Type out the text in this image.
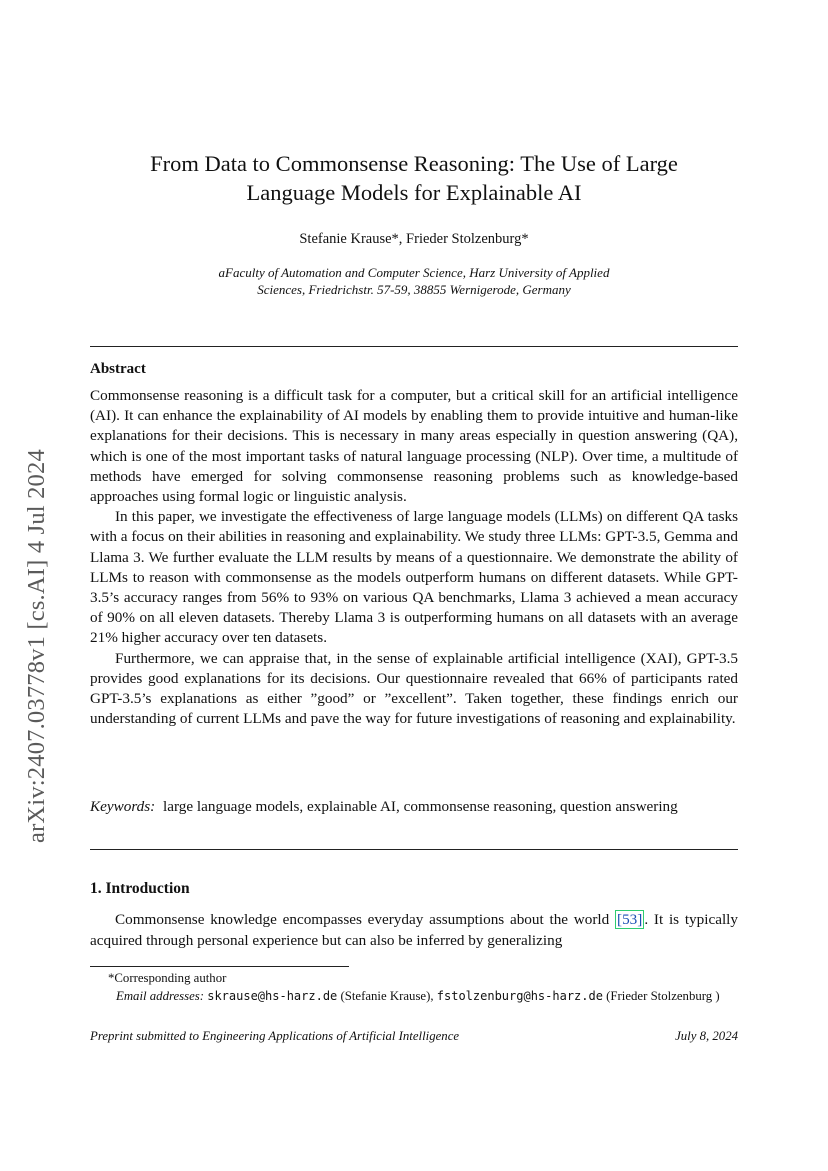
arXiv:2407.03778v1 [cs.AI] 4 Jul 2024
From Data to Commonsense Reasoning: The Use of Large
Language Models for Explainable AI
Stefanie Krause*, Frieder Stolzenburg*
aFaculty of Automation and Computer Science, Harz University of Applied
Sciences, Friedrichstr. 57-59, 38855 Wernigerode, Germany
Abstract

Commonsense reasoning is a difficult task for a computer, but a critical skill for an artificial intelligence (AI). It can enhance the explainability of AI models by enabling them to provide intuitive and human-like explanations for their decisions. This is necessary in many areas especially in question answering (QA), which is one of the most important tasks of natural language processing (NLP). Over time, a multitude of methods have emerged for solving commonsense reasoning problems such as knowledge-based approaches using formal logic or linguistic analysis.

In this paper, we investigate the effectiveness of large language models (LLMs) on different QA tasks with a focus on their abilities in reasoning and explainability. We study three LLMs: GPT-3.5, Gemma and Llama 3. We further evaluate the LLM results by means of a questionnaire. We demonstrate the ability of LLMs to reason with commonsense as the models outperform humans on different datasets. While GPT-3.5’s accuracy ranges from 56% to 93% on various QA benchmarks, Llama 3 achieved a mean accuracy of 90% on all eleven datasets. Thereby Llama 3 is outperforming humans on all datasets with an average 21% higher accuracy over ten datasets.

Furthermore, we can appraise that, in the sense of explainable artificial intelligence (XAI), GPT-3.5 provides good explanations for its decisions. Our questionnaire revealed that 66% of participants rated GPT-3.5’s explanations as either ”good” or ”excellent”. Taken together, these findings enrich our understanding of current LLMs and pave the way for future investigations of reasoning and explainability.

Keywords: large language models, explainable AI, commonsense reasoning, question answering
1. Introduction

Commonsense knowledge encompasses everyday assumptions about the world [53] . It is typically acquired through personal experience but can also be inferred by generalizing

*Corresponding author

Email addresses: skrause@hs-harz.de (Stefanie Krause), fstolzenburg@hs-harz.de (Frieder Stolzenburg )

Preprint submitted to Engineering Applications of Artificial Intelligence	July 8, 2024
